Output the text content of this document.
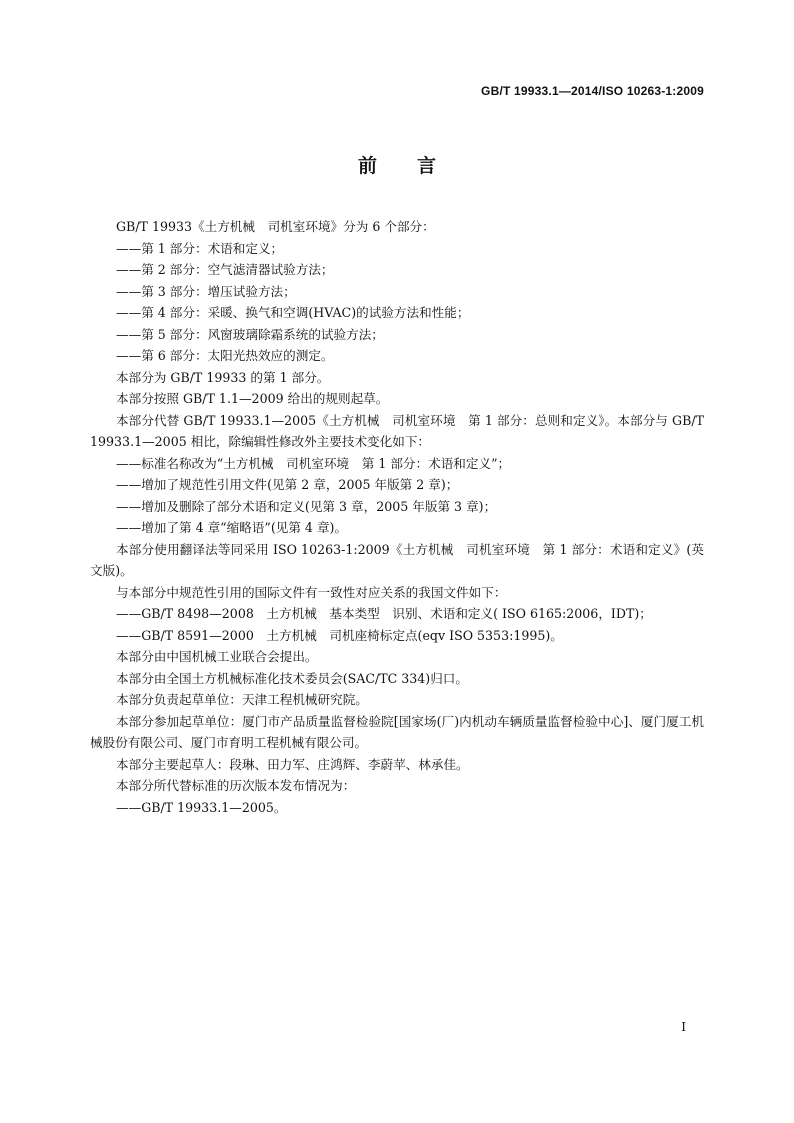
GB/T 19933.1—2014/ISO 10263-1:2009
前言

GB/T 19933《土方机械　司机室环境》分为 6 个部分：

——第 1 部分：术语和定义；

——第 2 部分：空气滤清器试验方法；

——第 3 部分：增压试验方法；

——第 4 部分：采暖、换气和空调(HVAC)的试验方法和性能；

——第 5 部分：风窗玻璃除霜系统的试验方法；

——第 6 部分：太阳光热效应的测定。

本部分为 GB/T 19933 的第 1 部分。

本部分按照 GB/T 1.1—2009 给出的规则起草。

本部分代替 GB/T 19933.1—2005《土方机械　司机室环境　第 1 部分：总则和定义》。本部分与 GB/T 19933.1—2005 相比，除编辑性修改外主要技术变化如下：

——标准名称改为“土方机械　司机室环境　第 1 部分：术语和定义”；

——增加了规范性引用文件(见第 2 章，2005 年版第 2 章)；

——增加及删除了部分术语和定义(见第 3 章，2005 年版第 3 章)；

——增加了第 4 章“缩略语”(见第 4 章)。

本部分使用翻译法等同采用 ISO 10263-1:2009《土方机械　司机室环境　第 1 部分：术语和定义》(英文版)。

与本部分中规范性引用的国际文件有一致性对应关系的我国文件如下：

——GB/T 8498—2008　土方机械　基本类型　识别、术语和定义( ISO 6165:2006，IDT)；

——GB/T 8591—2000　土方机械　司机座椅标定点(eqv ISO 5353:1995)。

本部分由中国机械工业联合会提出。

本部分由全国土方机械标准化技术委员会(SAC/TC 334)归口。

本部分负责起草单位：天津工程机械研究院。

本部分参加起草单位：厦门市产品质量监督检验院[国家场(厂)内机动车辆质量监督检验中心]、厦门厦工机械股份有限公司、厦门市育明工程机械有限公司。

本部分主要起草人：段琳、田力军、庄鸿辉、李蔚苹、林承佳。

本部分所代替标准的历次版本发布情况为：

——GB/T 19933.1—2005。

I
